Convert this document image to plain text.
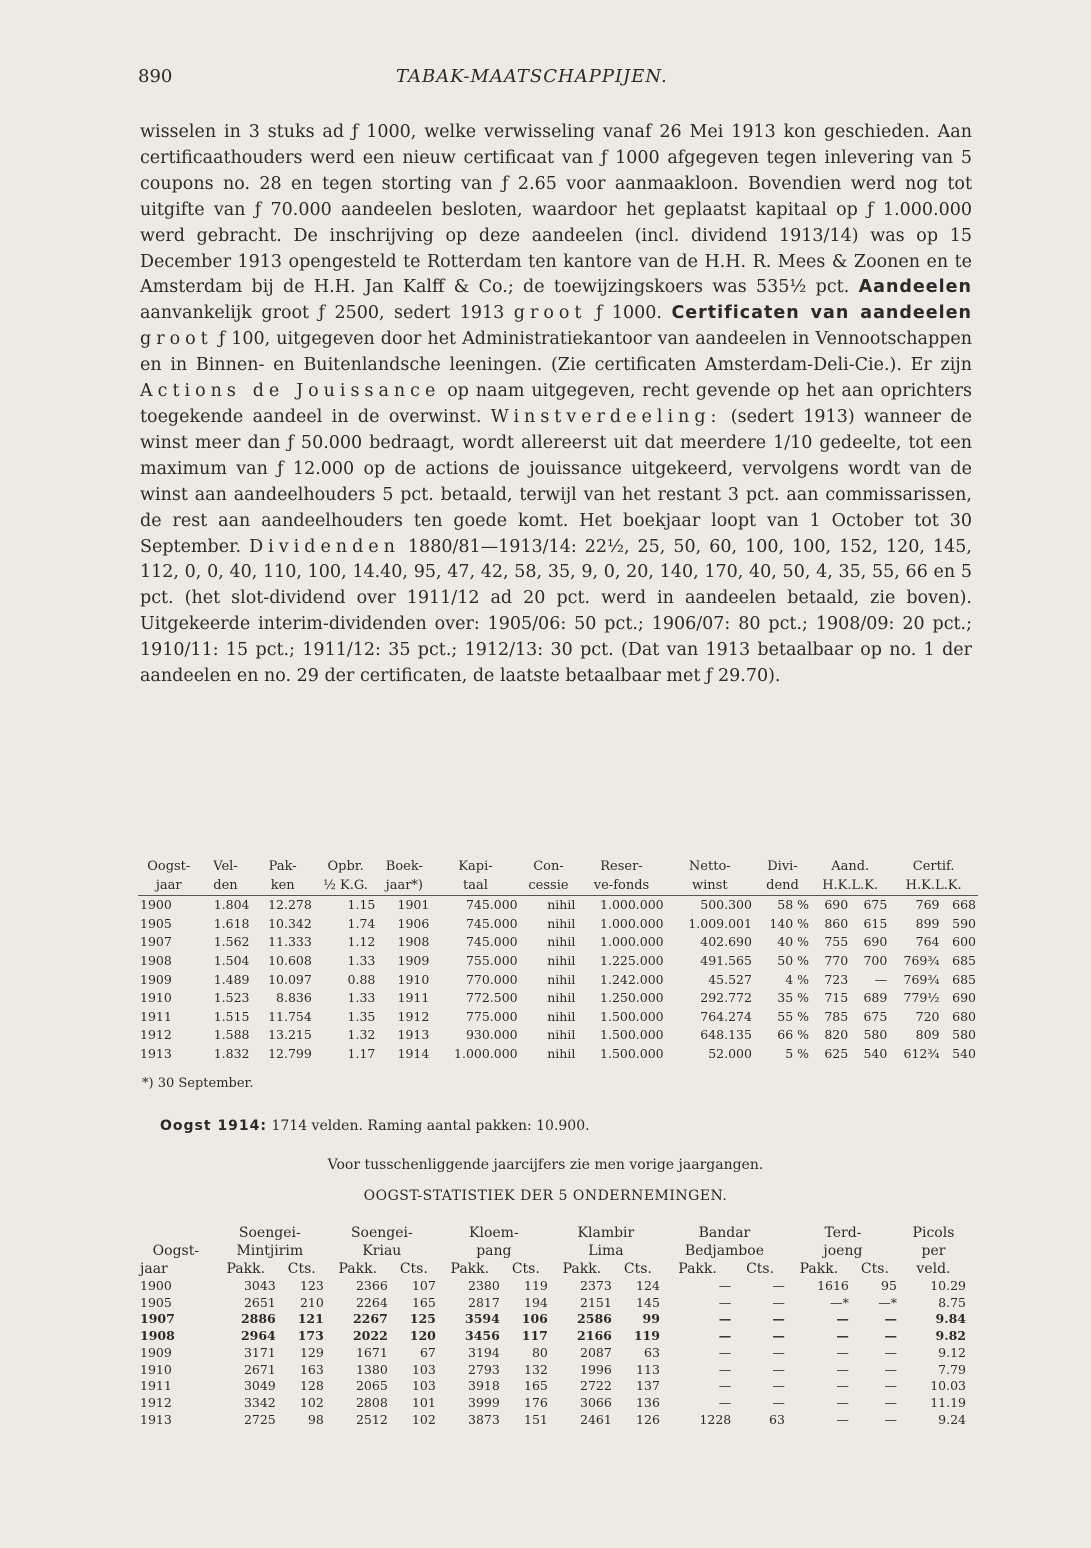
890	TABAK-MAATSCHAPPIJEN.

wisselen in 3 stuks ad ƒ 1000, welke verwisseling vanaf 26 Mei 1913 kon geschieden. Aan certificaathouders werd een nieuw certificaat van ƒ 1000 afgegeven tegen inlevering van 5 coupons no. 28 en tegen storting van ƒ 2.65 voor aanmaakloon. Bovendien werd nog tot uitgifte van ƒ 70.000 aandeelen besloten, waardoor het geplaatst kapitaal op ƒ 1.000.000 werd gebracht. De inschrijving op deze aandeelen (incl. dividend 1913/14) was op 15 December 1913 opengesteld te Rotterdam ten kantore van de H.H. R. Mees & Zoonen en te Amsterdam bij de H.H. Jan Kalff & Co.; de toewijzingskoers was 535½ pct. Aandeelen aanvankelijk groot ƒ 2500, sedert 1913 groot ƒ 1000. Certificaten van aandeelen groot ƒ 100, uitgegeven door het Administratiekantoor van aandeelen in Vennootschappen en in Binnen- en Buitenlandsche leeningen. (Zie certificaten Amsterdam-Deli-Cie.). Er zijn Actions de Jouissance op naam uitgegeven, recht gevende op het aan oprichters toegekende aandeel in de overwinst. Winstverdeeling: (sedert 1913) wanneer de winst meer dan ƒ 50.000 bedraagt, wordt allereerst uit dat meerdere 1/10 gedeelte, tot een maximum van ƒ 12.000 op de actions de jouissance uitgekeerd, vervolgens wordt van de winst aan aandeelhouders 5 pct. betaald, terwijl van het restant 3 pct. aan commissarissen, de rest aan aandeelhouders ten goede komt. Het boekjaar loopt van 1 October tot 30 September. Dividenden 1880/81—1913/14: 22½, 25, 50, 60, 100, 100, 152, 120, 145, 112, 0, 0, 40, 110, 100, 14.40, 95, 47, 42, 58, 35, 9, 0, 20, 140, 170, 40, 50, 4, 35, 55, 66 en 5 pct. (het slot-dividend over 1911/12 ad 20 pct. werd in aandeelen betaald, zie boven). Uitgekeerde interim-dividenden over: 1905/06: 50 pct.; 1906/07: 80 pct.; 1908/09: 20 pct.; 1910/11: 15 pct.; 1911/12: 35 pct.; 1912/13: 30 pct. (Dat van 1913 betaalbaar op no. 1 der aandeelen en no. 29 der certificaten, de laatste betaalbaar met ƒ 29.70).

Oogst-	Vel-	Pak-	Opbr.	Boek-	Kapi-	Con-	Reser-	Netto-	Divi-	Aand.		Certif.	
jaar	den	ken	½ K.G.	jaar*)	taal	cessie	ve-fonds	winst	dend	H.K.L.K.		H.K.L.K.	
1900	1.804	12.278	1.15	1901	745.000	nihil	1.000.000	500.300	58 %	690	675	769	668
1905	1.618	10.342	1.74	1906	745.000	nihil	1.000.000	1.009.001	140 %	860	615	899	590
1907	1.562	11.333	1.12	1908	745.000	nihil	1.000.000	402.690	40 %	755	690	764	600
1908	1.504	10.608	1.33	1909	755.000	nihil	1.225.000	491.565	50 %	770	700	769¾	685
1909	1.489	10.097	0.88	1910	770.000	nihil	1.242.000	45.527	4 %	723	—	769¾	685
1910	1.523	8.836	1.33	1911	772.500	nihil	1.250.000	292.772	35 %	715	689	779½	690
1911	1.515	11.754	1.35	1912	775.000	nihil	1.500.000	764.274	55 %	785	675	720	680
1912	1.588	13.215	1.32	1913	930.000	nihil	1.500.000	648.135	66 %	820	580	809	580
1913	1.832	12.799	1.17	1914	1.000.000	nihil	1.500.000	52.000	5 %	625	540	612¾	540
*) 30 September.
Oogst 1914: 1714 velden. Raming aantal pakken: 10.900.
Voor tusschenliggende jaarcijfers zie men vorige jaargangen.
OOGST-STATISTIEK DER 5 ONDERNEMINGEN.
	Soengei-		Soengei-		Kloem-		Klambir		Bandar		Terd-		Picols
Oogst-	Mintjirim		Kriau		pang		Lima		Bedjamboe		joeng		per
jaar	Pakk.	Cts.	Pakk.	Cts.	Pakk.	Cts.	Pakk.	Cts.	Pakk.	Cts.	Pakk.	Cts.	veld.
1900	3043	123	2366	107	2380	119	2373	124	—	—	1616	95	10.29
1905	2651	210	2264	165	2817	194	2151	145	—	—	—*	—*	8.75
1907	2886	121	2267	125	3594	106	2586	99	—	—	—	—	9.84
1908	2964	173	2022	120	3456	117	2166	119	—	—	—	—	9.82
1909	3171	129	1671	67	3194	80	2087	63	—	—	—	—	9.12
1910	2671	163	1380	103	2793	132	1996	113	—	—	—	—	7.79
1911	3049	128	2065	103	3918	165	2722	137	—	—	—	—	10.03
1912	3342	102	2808	101	3999	176	3066	136	—	—	—	—	11.19
1913	2725	98	2512	102	3873	151	2461	126	1228	63	—	—	9.24
